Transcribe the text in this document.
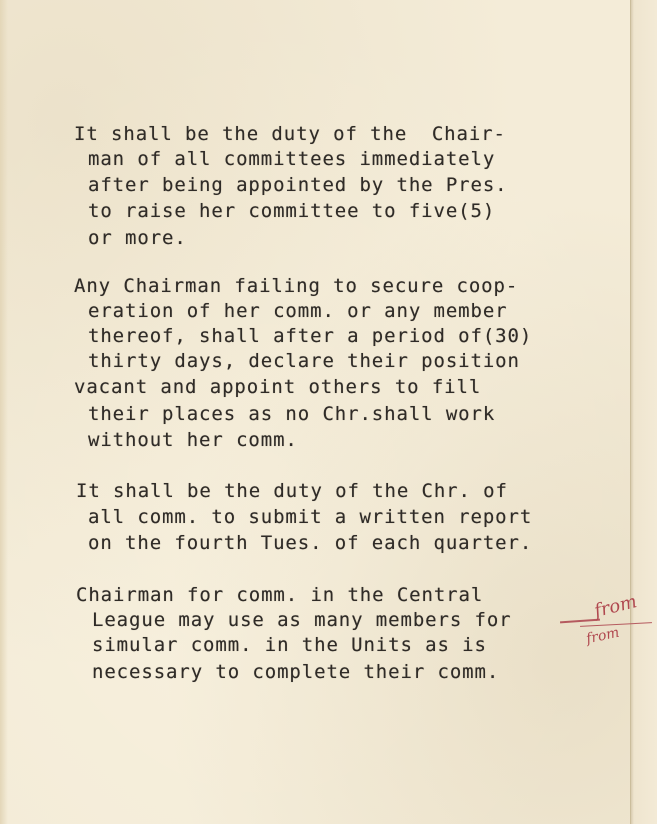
It shall be the duty of the  Chair-
man of all committees immediately
after being appointed by the Pres.
to raise her committee to five(5)
or more.
Any Chairman failing to secure coop-
eration of her comm. or any member
thereof, shall after a period of(30)
thirty days, declare their position
vacant and appoint others to fill
their places as no Chr.shall work
without her comm.
It shall be the duty of the Chr. of
all comm. to submit a written report
on the fourth Tues. of each quarter.
Chairman for comm. in the Central
League may use as many members for
simular comm. in the Units as is
necessary to complete their comm.
from
from
